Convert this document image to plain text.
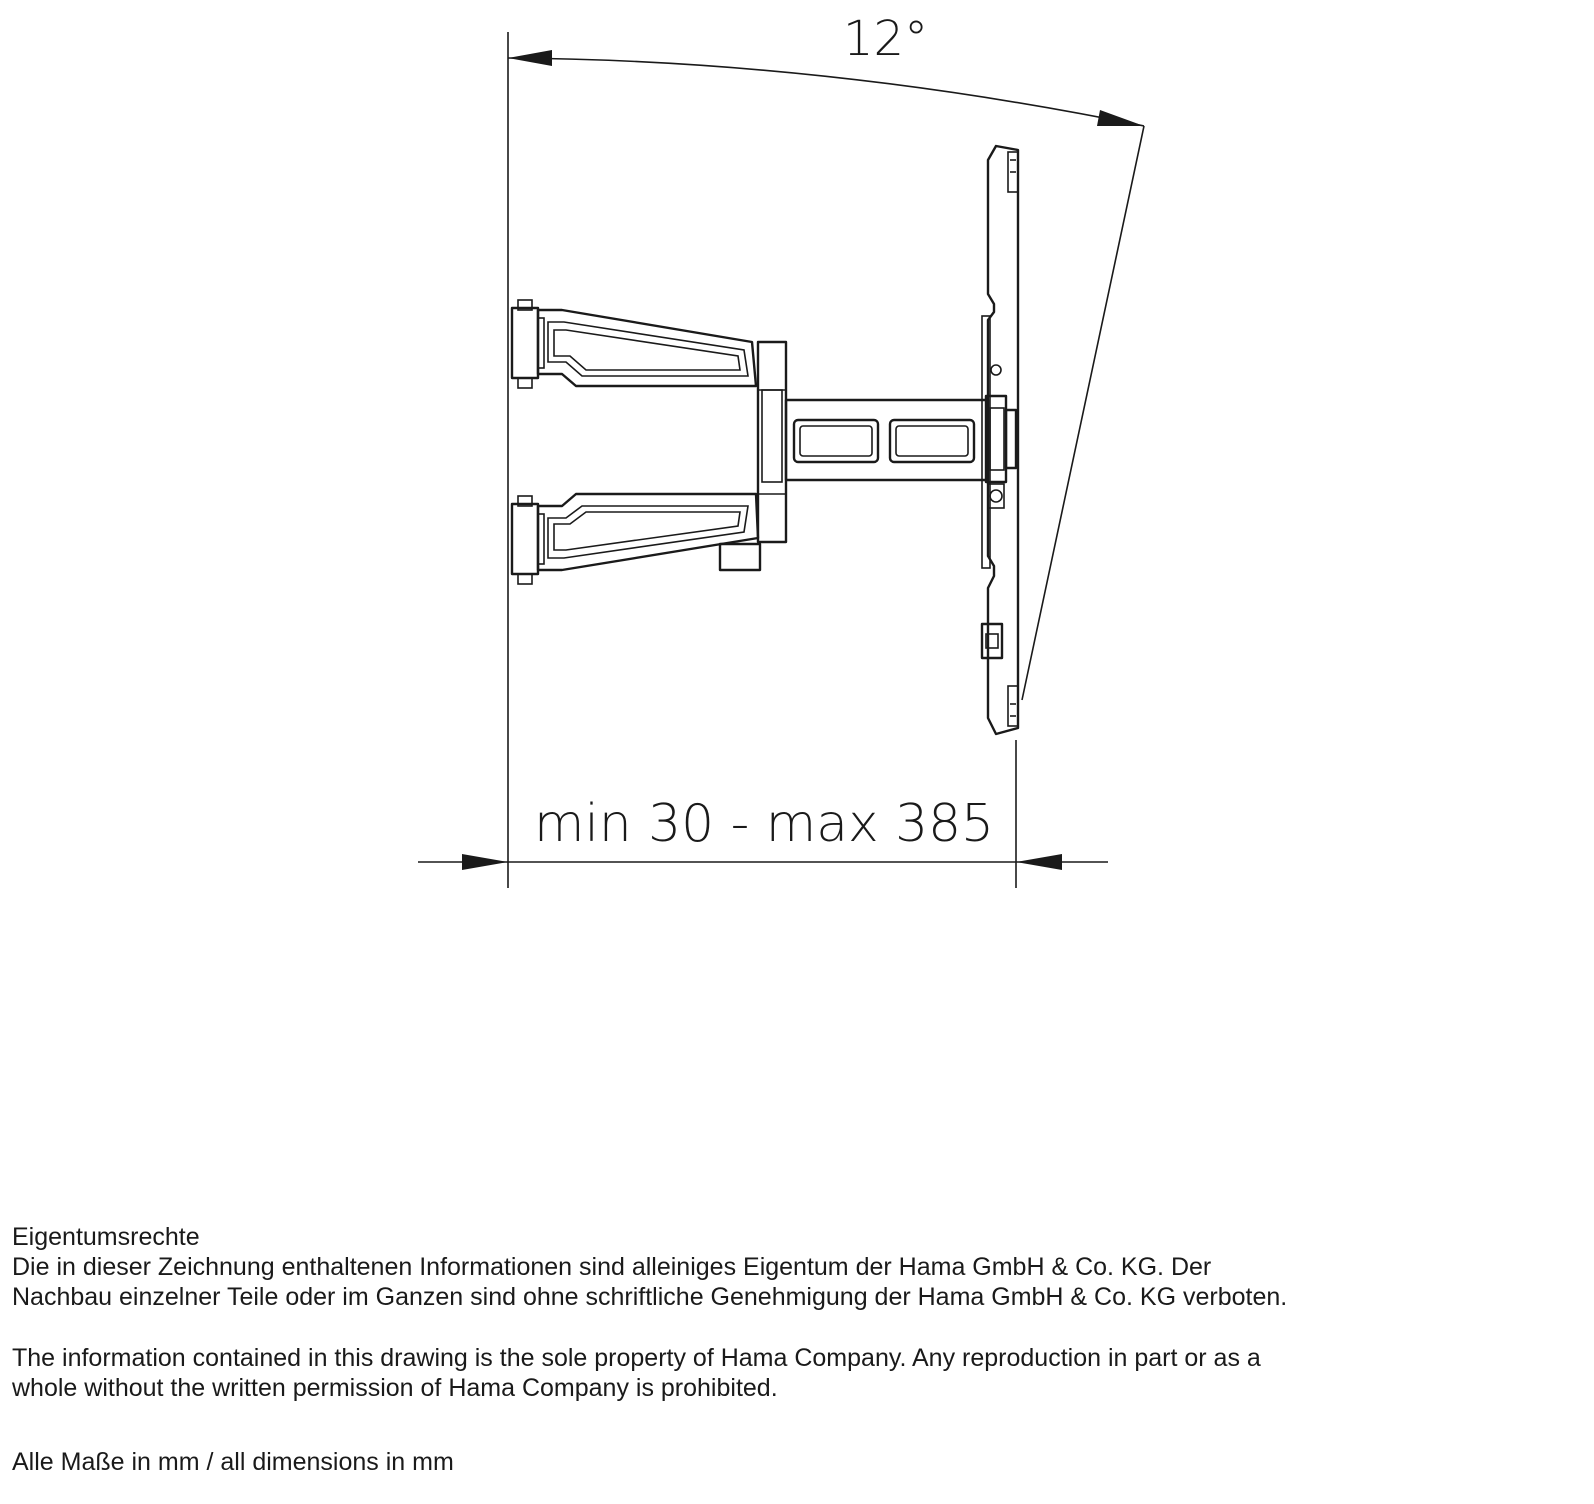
12°
min 30 - max 385

Eigentumsrechte

Die in dieser Zeichnung enthaltenen Informationen sind alleiniges Eigentum der Hama GmbH & Co. KG. Der

Nachbau einzelner Teile oder im Ganzen sind ohne schriftliche Genehmigung der Hama GmbH & Co. KG verboten.

The information contained in this drawing is the sole property of Hama Company. Any reproduction in part or as a

whole without the written permission of Hama Company is prohibited.

Alle Maße in mm / all dimensions in mm
